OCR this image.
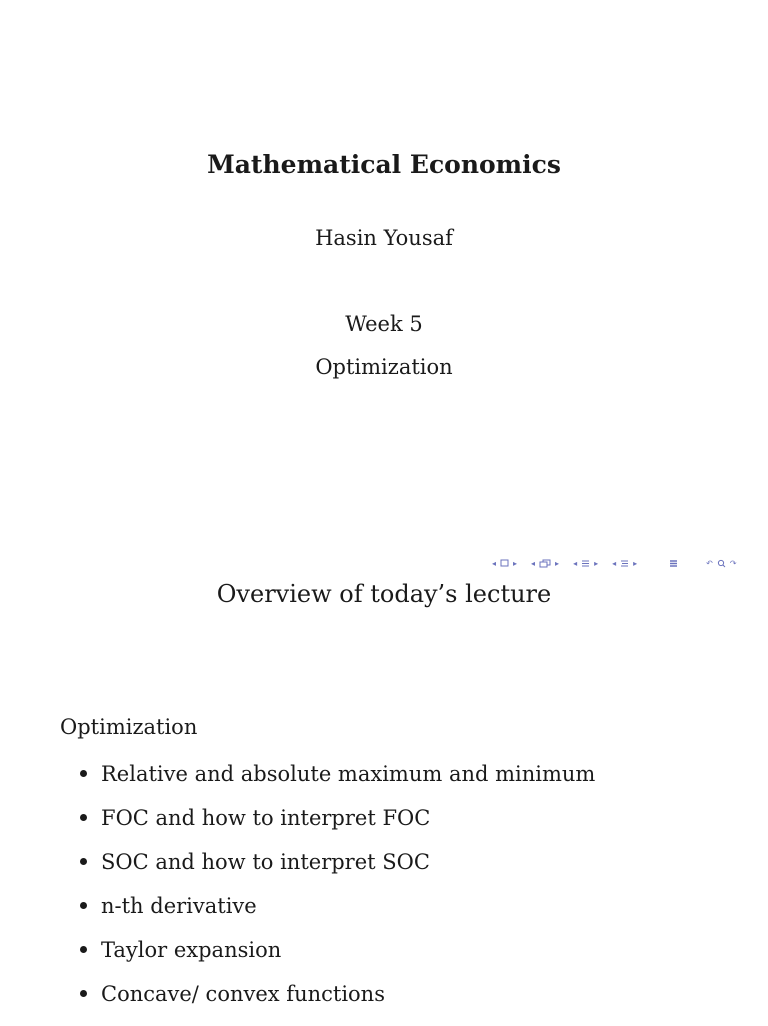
Mathematical Economics
Hasin Yousaf
Week 5
Optimization
◂ ▸ ◂	▸ ◂ ▸ ◂ ▸	↶ ↷
Overview of today’s lecture
Optimization
Relative and absolute maximum and minimum
FOC and how to interpret FOC
SOC and how to interpret SOC
n-th derivative
Taylor expansion
Concave/ convex functions
